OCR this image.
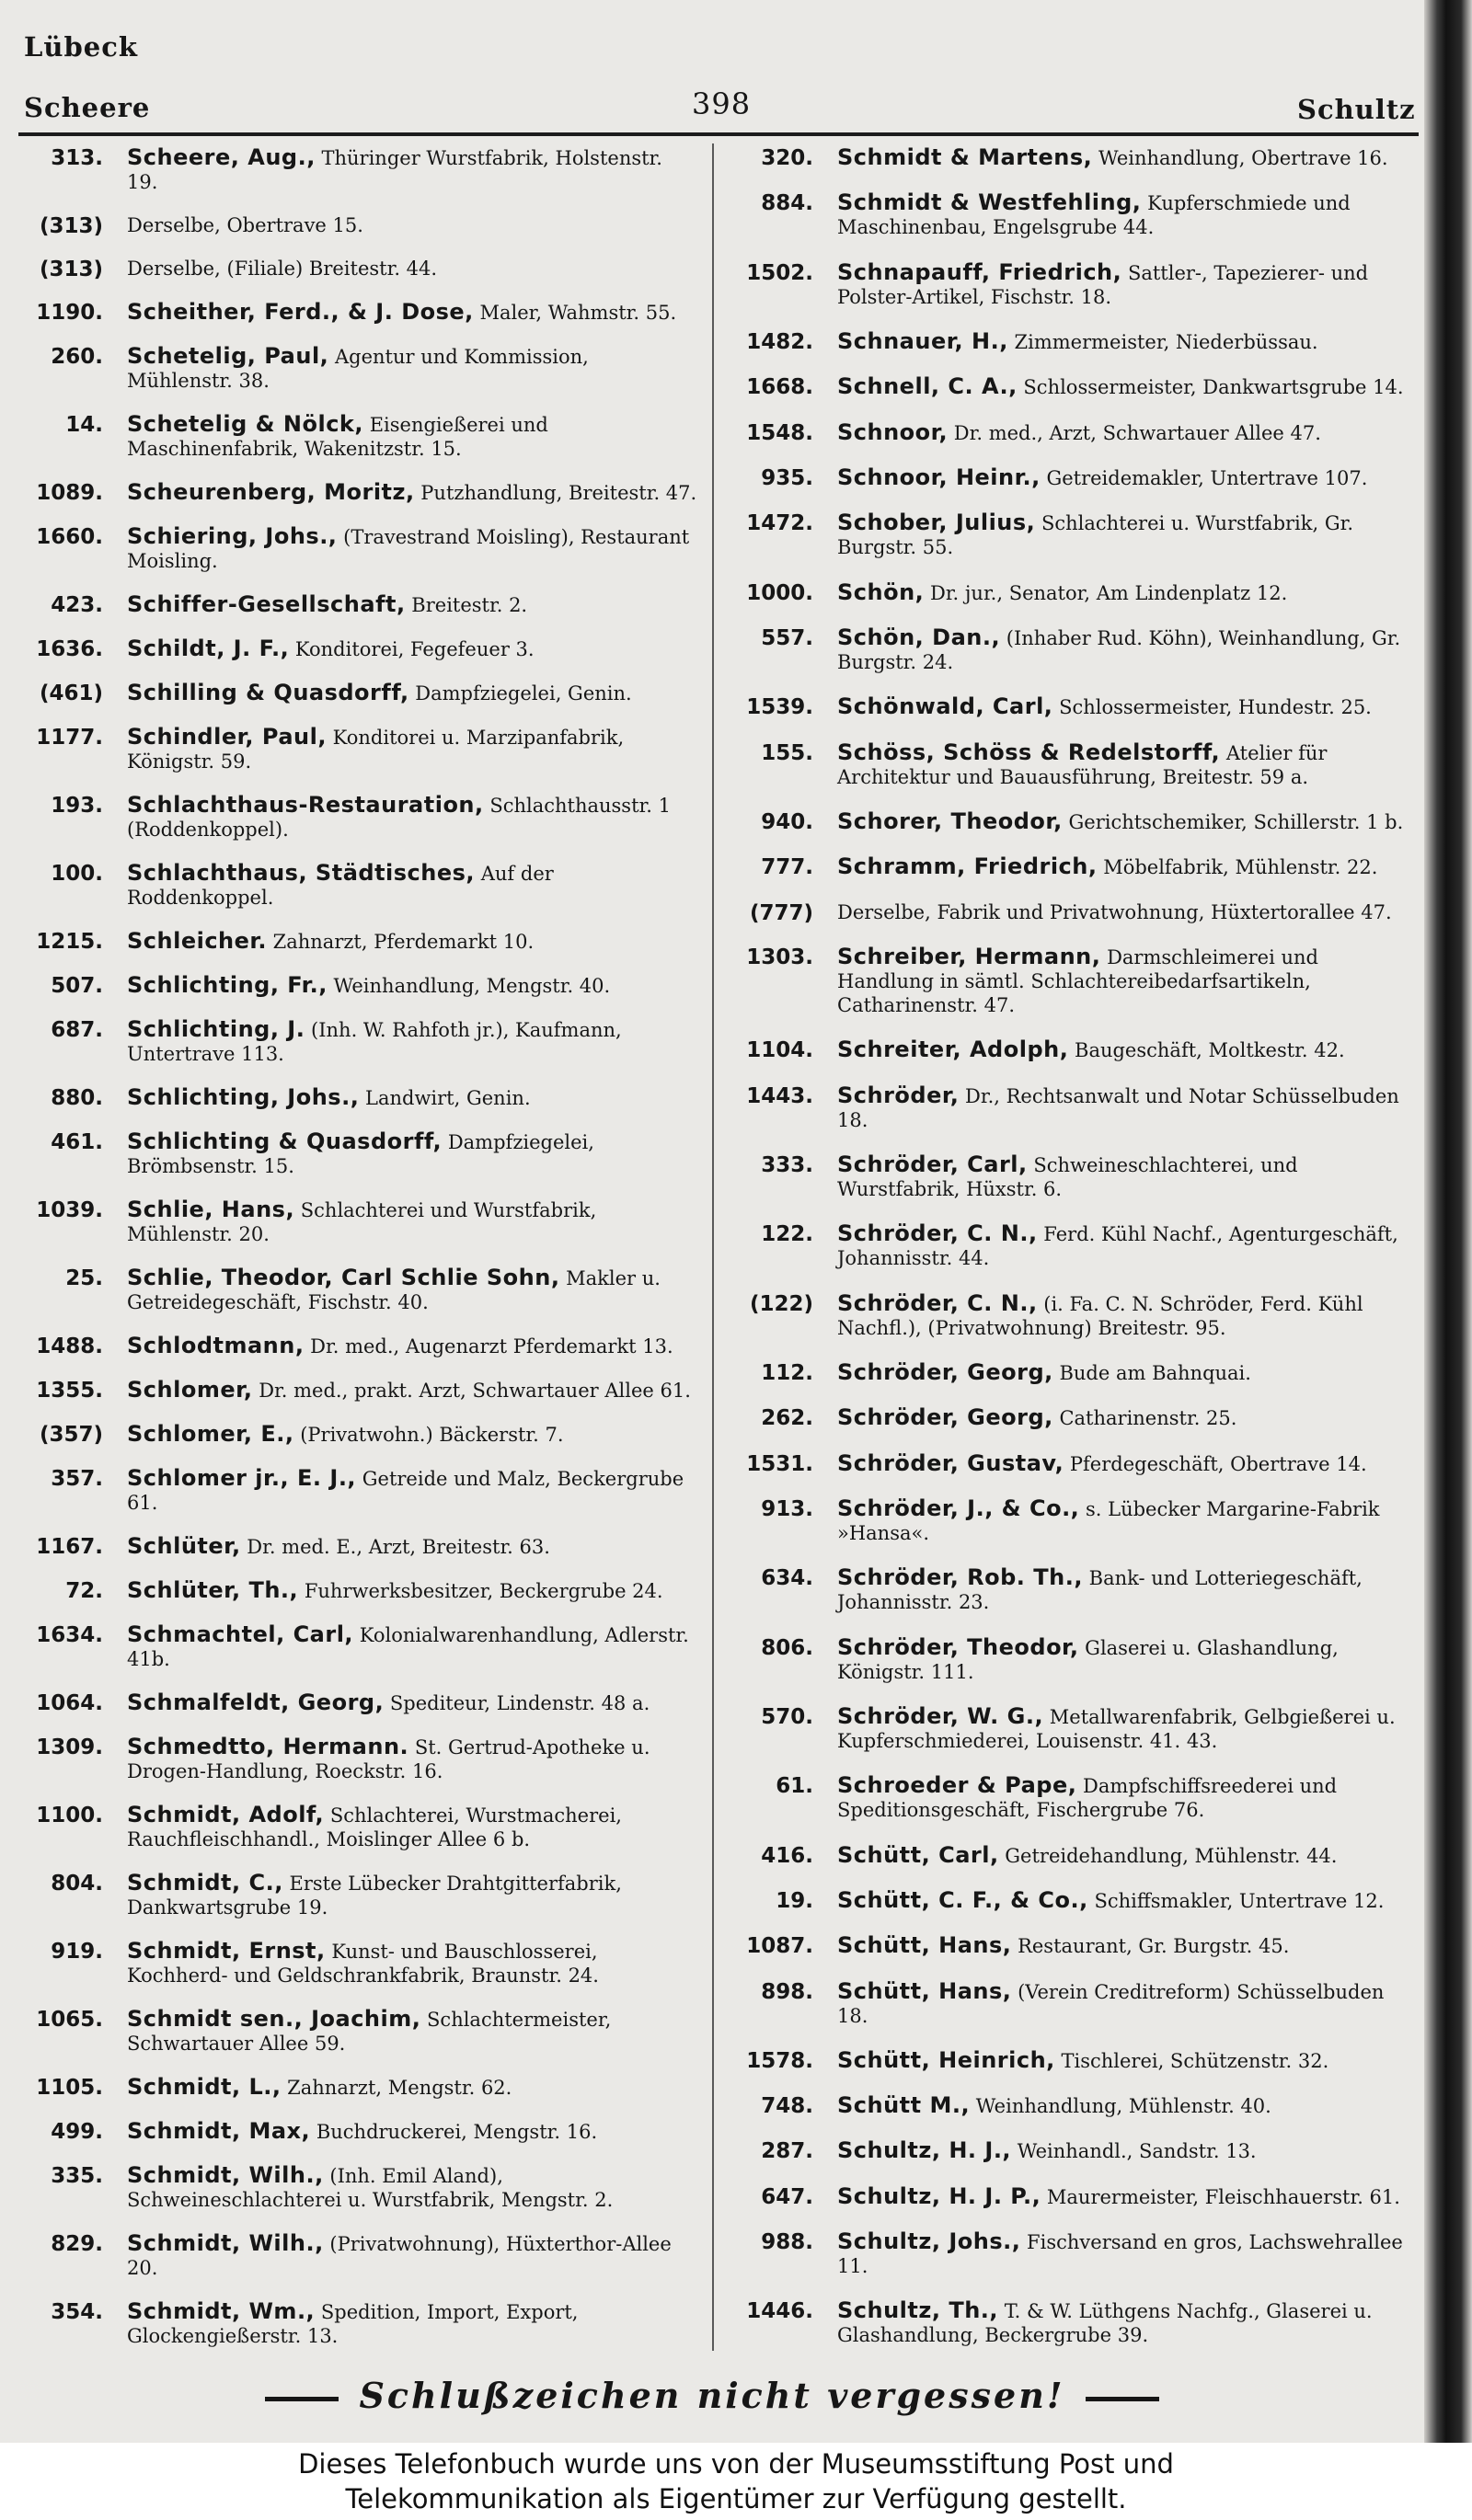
Lübeck
Scheere	398	Schultz
313. Scheere, Aug., Thüringer Wurstfabrik, Holstenstr. 19.
(313) Derselbe, Obertrave 15.
(313) Derselbe, (Filiale) Breitestr. 44.
1190. Scheither, Ferd., & J. Dose, Maler, Wahmstr. 55.
260. Schetelig, Paul, Agentur und Kommission, Mühlenstr. 38.
14. Schetelig & Nölck, Eisengießerei und Maschinenfabrik, Wakenitzstr. 15.
1089. Scheurenberg, Moritz, Putzhandlung, Breitestr. 47.
1660. Schiering, Johs., (Travestrand Moisling), Restaurant Moisling.
423. Schiffer-Gesellschaft, Breitestr. 2.
1636. Schildt, J. F., Konditorei, Fegefeuer 3.
(461) Schilling & Quasdorff, Dampfziegelei, Genin.
1177. Schindler, Paul, Konditorei u. Marzipanfabrik, Königstr. 59.
193. Schlachthaus-Restauration, Schlachthausstr. 1 (Roddenkoppel).
100. Schlachthaus, Städtisches, Auf der Roddenkoppel.
1215. Schleicher. Zahnarzt, Pferdemarkt 10.
507. Schlichting, Fr., Weinhandlung, Mengstr. 40.
687. Schlichting, J. (Inh. W. Rahfoth jr.), Kaufmann, Untertrave 113.
880. Schlichting, Johs., Landwirt, Genin.
461. Schlichting & Quasdorff, Dampfziegelei, Brömbsenstr. 15.
1039. Schlie, Hans, Schlachterei und Wurstfabrik, Mühlenstr. 20.
25. Schlie, Theodor, Carl Schlie Sohn, Makler u. Getreidegeschäft, Fischstr. 40.
1488. Schlodtmann, Dr. med., Augenarzt Pferdemarkt 13.
1355. Schlomer, Dr. med., prakt. Arzt, Schwartauer Allee 61.
(357) Schlomer, E., (Privatwohn.) Bäckerstr. 7.
357. Schlomer jr., E. J., Getreide und Malz, Beckergrube 61.
1167. Schlüter, Dr. med. E., Arzt, Breitestr. 63.
72. Schlüter, Th., Fuhrwerksbesitzer, Beckergrube 24.
1634. Schmachtel, Carl, Kolonialwarenhandlung, Adlerstr. 41b.
1064. Schmalfeldt, Georg, Spediteur, Lindenstr. 48 a.
1309. Schmedtto, Hermann. St. Gertrud-Apotheke u. Drogen-Handlung, Roeckstr. 16.
1100. Schmidt, Adolf, Schlachterei, Wurstmacherei, Rauchfleischhandl., Moislinger Allee 6 b.
804. Schmidt, C., Erste Lübecker Drahtgitterfabrik, Dankwartsgrube 19.
919. Schmidt, Ernst, Kunst- und Bauschlosserei, Kochherd- und Geldschrankfabrik, Braunstr. 24.
1065. Schmidt sen., Joachim, Schlachtermeister, Schwartauer Allee 59.
1105. Schmidt, L., Zahnarzt, Mengstr. 62.
499. Schmidt, Max, Buchdruckerei, Mengstr. 16.
335. Schmidt, Wilh., (Inh. Emil Aland), Schweineschlachterei u. Wurstfabrik, Mengstr. 2.
829. Schmidt, Wilh., (Privatwohnung), Hüxterthor-Allee 20.
354. Schmidt, Wm., Spedition, Import, Export, Glockengießerstr. 13.
320. Schmidt & Martens, Weinhandlung, Obertrave 16.
884. Schmidt & Westfehling, Kupferschmiede und Maschinenbau, Engelsgrube 44.
1502. Schnapauff, Friedrich, Sattler-, Tapezierer- und Polster-Artikel, Fischstr. 18.
1482. Schnauer, H., Zimmermeister, Niederbüssau.
1668. Schnell, C. A., Schlossermeister, Dankwartsgrube 14.
1548. Schnoor, Dr. med., Arzt, Schwartauer Allee 47.
935. Schnoor, Heinr., Getreidemakler, Untertrave 107.
1472. Schober, Julius, Schlachterei u. Wurstfabrik, Gr. Burgstr. 55.
1000. Schön, Dr. jur., Senator, Am Lindenplatz 12.
557. Schön, Dan., (Inhaber Rud. Köhn), Weinhandlung, Gr. Burgstr. 24.
1539. Schönwald, Carl, Schlossermeister, Hundestr. 25.
155. Schöss, Schöss & Redelstorff, Atelier für Architektur und Bauausführung, Breitestr. 59 a.
940. Schorer, Theodor, Gerichtschemiker, Schillerstr. 1 b.
777. Schramm, Friedrich, Möbelfabrik, Mühlenstr. 22.
(777) Derselbe, Fabrik und Privatwohnung, Hüxtertorallee 47.
1303. Schreiber, Hermann, Darmschleimerei und Handlung in sämtl. Schlachtereibedarfsartikeln, Catharinenstr. 47.
1104. Schreiter, Adolph, Baugeschäft, Moltkestr. 42.
1443. Schröder, Dr., Rechtsanwalt und Notar Schüsselbuden 18.
333. Schröder, Carl, Schweineschlachterei, und Wurstfabrik, Hüxstr. 6.
122. Schröder, C. N., Ferd. Kühl Nachf., Agenturgeschäft, Johannisstr. 44.
(122) Schröder, C. N., (i. Fa. C. N. Schröder, Ferd. Kühl Nachfl.), (Privatwohnung) Breitestr. 95.
112. Schröder, Georg, Bude am Bahnquai.
262. Schröder, Georg, Catharinenstr. 25.
1531. Schröder, Gustav, Pferdegeschäft, Obertrave 14.
913. Schröder, J., & Co., s. Lübecker Margarine-Fabrik »Hansa«.
634. Schröder, Rob. Th., Bank- und Lotteriegeschäft, Johannisstr. 23.
806. Schröder, Theodor, Glaserei u. Glashandlung, Königstr. 111.
570. Schröder, W. G., Metallwarenfabrik, Gelbgießerei u. Kupferschmiederei, Louisenstr. 41. 43.
61. Schroeder & Pape, Dampfschiffsreederei und Speditionsgeschäft, Fischergrube 76.
416. Schütt, Carl, Getreidehandlung, Mühlenstr. 44.
19. Schütt, C. F., & Co., Schiffsmakler, Untertrave 12.
1087. Schütt, Hans, Restaurant, Gr. Burgstr. 45.
898. Schütt, Hans, (Verein Creditreform) Schüsselbuden 18.
1578. Schütt, Heinrich, Tischlerei, Schützenstr. 32.
748. Schütt M., Weinhandlung, Mühlenstr. 40.
287. Schultz, H. J., Weinhandl., Sandstr. 13.
647. Schultz, H. J. P., Maurermeister, Fleischhauerstr. 61.
988. Schultz, Johs., Fischversand en gros, Lachswehrallee 11.
1446. Schultz, Th., T. & W. Lüthgens Nachfg., Glaserei u. Glashandlung, Beckergrube 39.
Schlußzeichen nicht vergessen!
Dieses Telefonbuch wurde uns von der Museumsstiftung Post und
Telekommunikation als Eigentümer zur Verfügung gestellt.
